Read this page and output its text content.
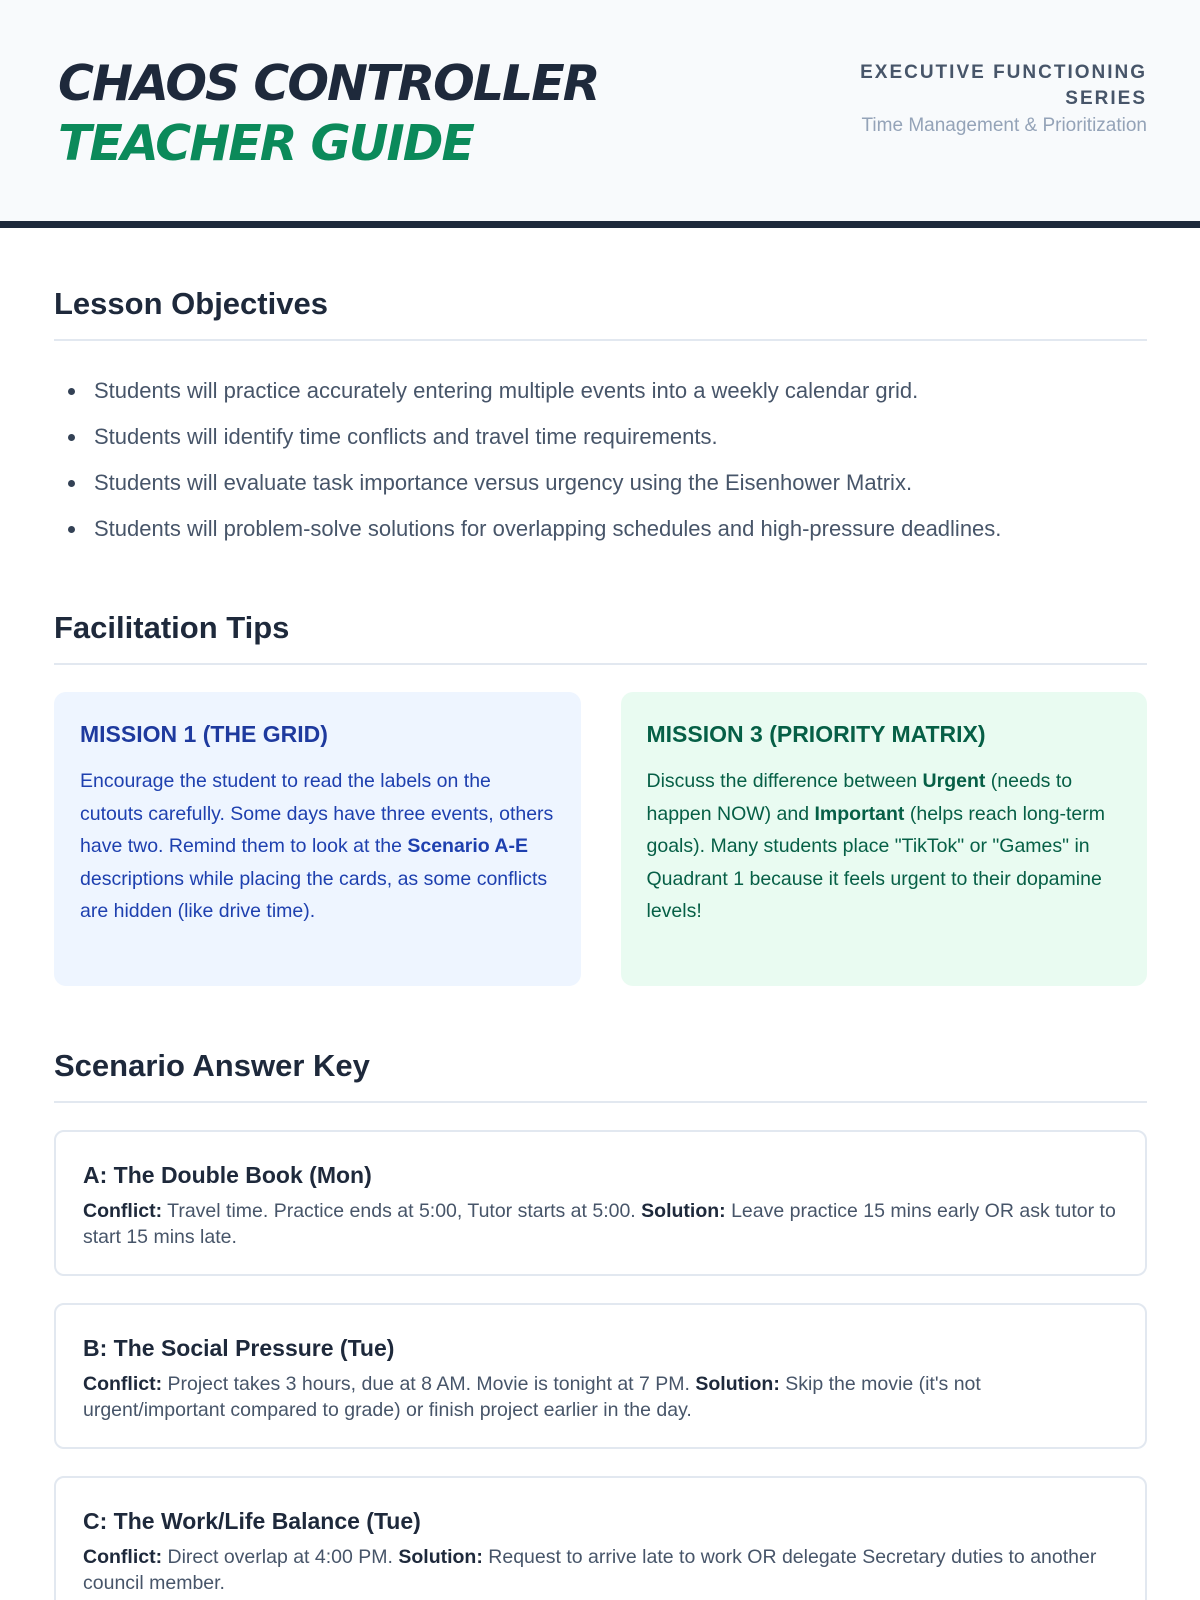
CHAOS CONTROLLER
TEACHER GUIDE
EXECUTIVE FUNCTIONING SERIES
Time Management & Prioritization
Lesson Objectives
Students will practice accurately entering multiple events into a weekly calendar grid.
Students will identify time conflicts and travel time requirements.
Students will evaluate task importance versus urgency using the Eisenhower Matrix.
Students will problem-solve solutions for overlapping schedules and high-pressure deadlines.
Facilitation Tips
MISSION 1 (THE GRID)

Encourage the student to read the labels on the cutouts carefully. Some days have three events, others have two. Remind them to look at the Scenario A-E descriptions while placing the cards, as some conflicts are hidden (like drive time).

MISSION 3 (PRIORITY MATRIX)

Discuss the difference between Urgent (needs to happen NOW) and Important (helps reach long-term goals). Many students place "TikTok" or "Games" in Quadrant 1 because it feels urgent to their dopamine levels!

Scenario Answer Key
A: The Double Book (Mon)

Conflict: Travel time. Practice ends at 5:00, Tutor starts at 5:00. Solution: Leave practice 15 mins early OR ask tutor to start 15 mins late.

B: The Social Pressure (Tue)

Conflict: Project takes 3 hours, due at 8 AM. Movie is tonight at 7 PM. Solution: Skip the movie (it's not urgent/important compared to grade) or finish project earlier in the day.

C: The Work/Life Balance (Tue)

Conflict: Direct overlap at 4:00 PM. Solution: Request to arrive late to work OR delegate Secretary duties to another council member.
